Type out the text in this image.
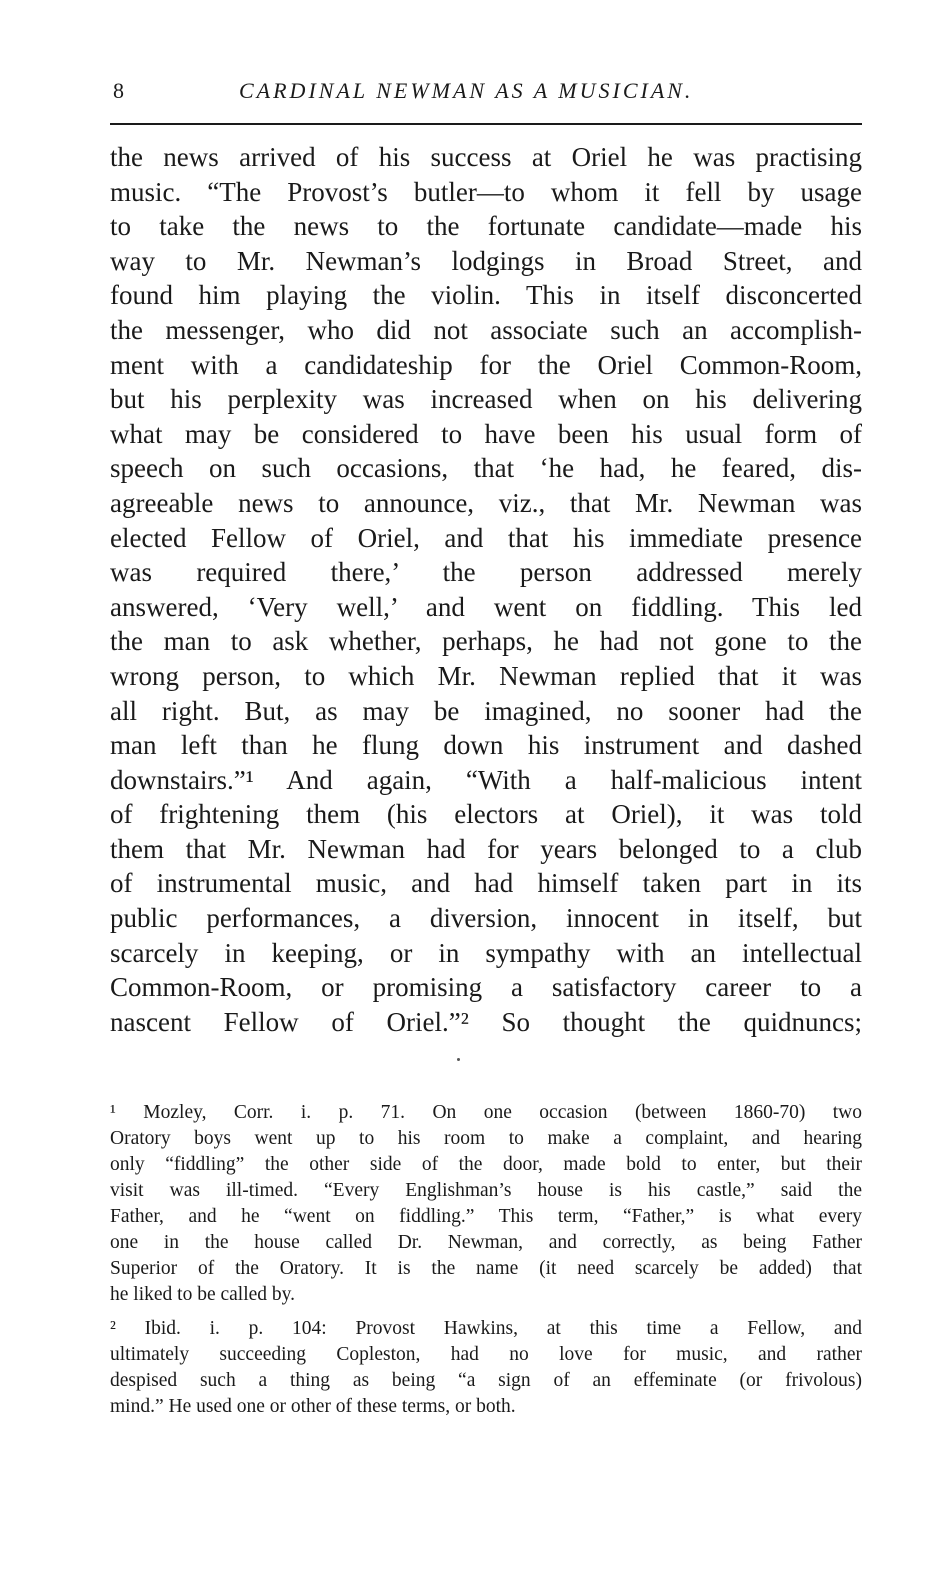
8	CARDINAL NEWMAN AS A MUSICIAN.
the news arrived of his success at Oriel he was practising
music. “The Provost’s butler—to whom it fell by usage
to take the news to the fortunate candidate—made his
way to Mr. Newman’s lodgings in Broad Street, and
found him playing the violin. This in itself disconcerted
the messenger, who did not associate such an accomplish-
ment with a candidateship for the Oriel Common-Room,
but his perplexity was increased when on his delivering
what may be considered to have been his usual form of
speech on such occasions, that ‘he had, he feared, dis-
agreeable news to announce, viz., that Mr. Newman was
elected Fellow of Oriel, and that his immediate presence
was required there,’ the person addressed merely
answered, ‘Very well,’ and went on fiddling. This led
the man to ask whether, perhaps, he had not gone to the
wrong person, to which Mr. Newman replied that it was
all right. But, as may be imagined, no sooner had the
man left than he flung down his instrument and dashed
downstairs.”¹ And again, “With a half-malicious intent
of frightening them (his electors at Oriel), it was told
them that Mr. Newman had for years belonged to a club
of instrumental music, and had himself taken part in its
public performances, a diversion, innocent in itself, but
scarcely in keeping, or in sympathy with an intellectual
Common-Room, or promising a satisfactory career to a
nascent Fellow of Oriel.”² So thought the quidnuncs;
¹ Mozley, Corr. i. p. 71. On one occasion (between 1860-70) two
Oratory boys went up to his room to make a complaint, and hearing
only “fiddling” the other side of the door, made bold to enter, but their
visit was ill-timed. “Every Englishman’s house is his castle,” said the
Father, and he “went on fiddling.” This term, “Father,” is what every
one in the house called Dr. Newman, and correctly, as being Father
Superior of the Oratory. It is the name (it need scarcely be added) that
he liked to be called by.
² Ibid. i. p. 104: Provost Hawkins, at this time a Fellow, and
ultimately succeeding Copleston, had no love for music, and rather
despised such a thing as being “a sign of an effeminate (or frivolous)
mind.” He used one or other of these terms, or both.
